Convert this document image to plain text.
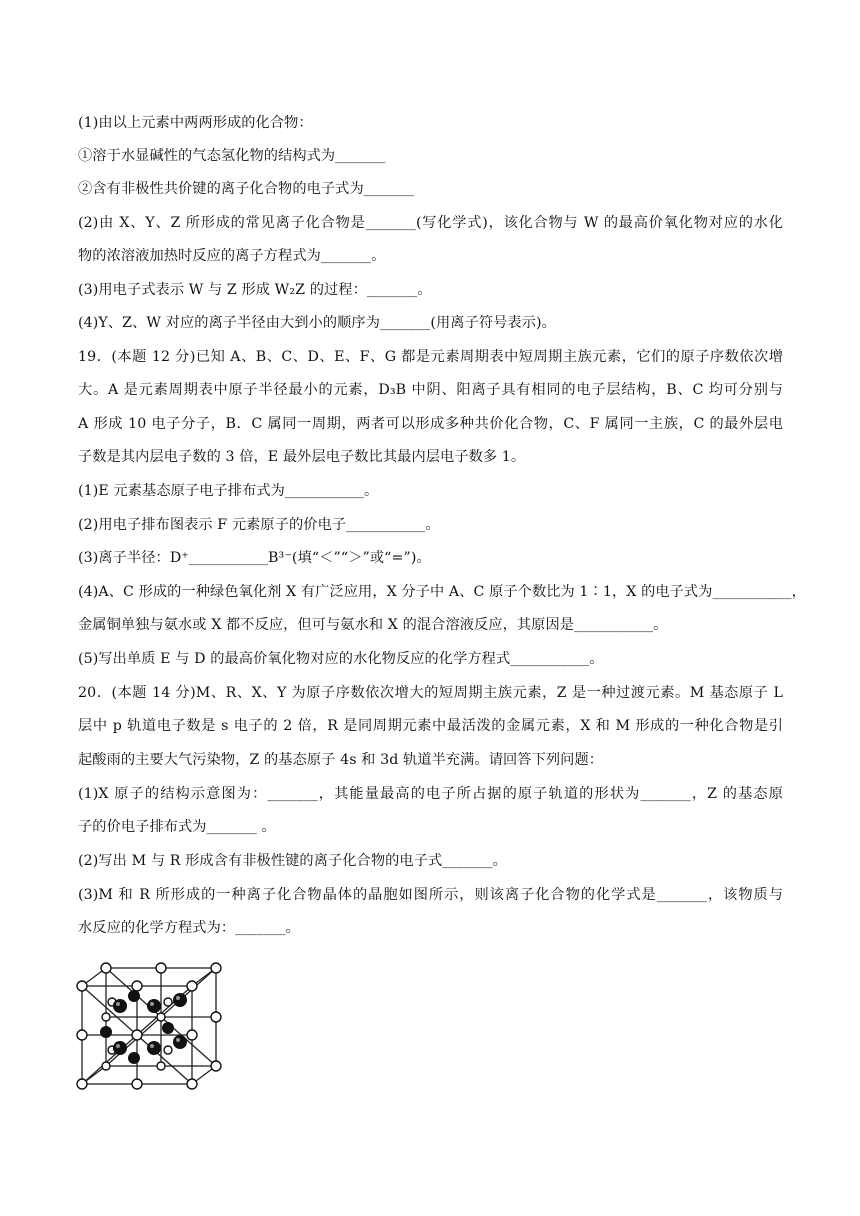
(1)由以上元素中两两形成的化合物：
①溶于水显碱性的气态氢化物的结构式为_______
②含有非极性共价键的离子化合物的电子式为_______
(2)由 X、Y、Z 所形成的常见离子化合物是_______(写化学式)，该化合物与 W 的最高价氧化物对应的水化
物的浓溶液加热时反应的离子方程式为_______。
(3)用电子式表示 W 与 Z 形成 W₂Z 的过程：_______。
(4)Y、Z、W 对应的离子半径由大到小的顺序为_______(用离子符号表示)。
19．(本题 12 分)已知 A、B、C、D、E、F、G 都是元素周期表中短周期主族元素，它们的原子序数依次增
大。A 是元素周期表中原子半径最小的元素，D₃B 中阴、阳离子具有相同的电子层结构，B、C 均可分别与
A 形成 10 电子分子，B．C 属同一周期，两者可以形成多种共价化合物，C、F 属同一主族，C 的最外层电
子数是其内层电子数的 3 倍，E 最外层电子数比其最内层电子数多 1。
(1)E 元素基态原子电子排布式为___________。
(2)用电子排布图表示 F 元素原子的价电子___________。
(3)离子半径：D⁺___________B³⁻(填“＜”“＞”或“=”)。
(4)A、C 形成的一种绿色氧化剂 X 有广泛应用，X 分子中 A、C 原子个数比为 1∶1，X 的电子式为___________，
金属铜单独与氨水或 X 都不反应，但可与氨水和 X 的混合溶液反应，其原因是___________。
(5)写出单质 E 与 D 的最高价氧化物对应的水化物反应的化学方程式___________。
20．(本题 14 分)M、R、X、Y 为原子序数依次增大的短周期主族元素，Z 是一种过渡元素。M 基态原子 L
层中 p 轨道电子数是 s 电子的 2 倍，R 是同周期元素中最活泼的金属元素，X 和 M 形成的一种化合物是引
起酸雨的主要大气污染物，Z 的基态原子 4s 和 3d 轨道半充满。请回答下列问题：
(1)X 原子的结构示意图为：_______，其能量最高的电子所占据的原子轨道的形状为_______，Z 的基态原
子的价电子排布式为_______ 。
(2)写出 M 与 R 形成含有非极性键的离子化合物的电子式_______。
(3)M 和 R 所形成的一种离子化合物晶体的晶胞如图所示，则该离子化合物的化学式是_______，该物质与
水反应的化学方程式为：_______。
